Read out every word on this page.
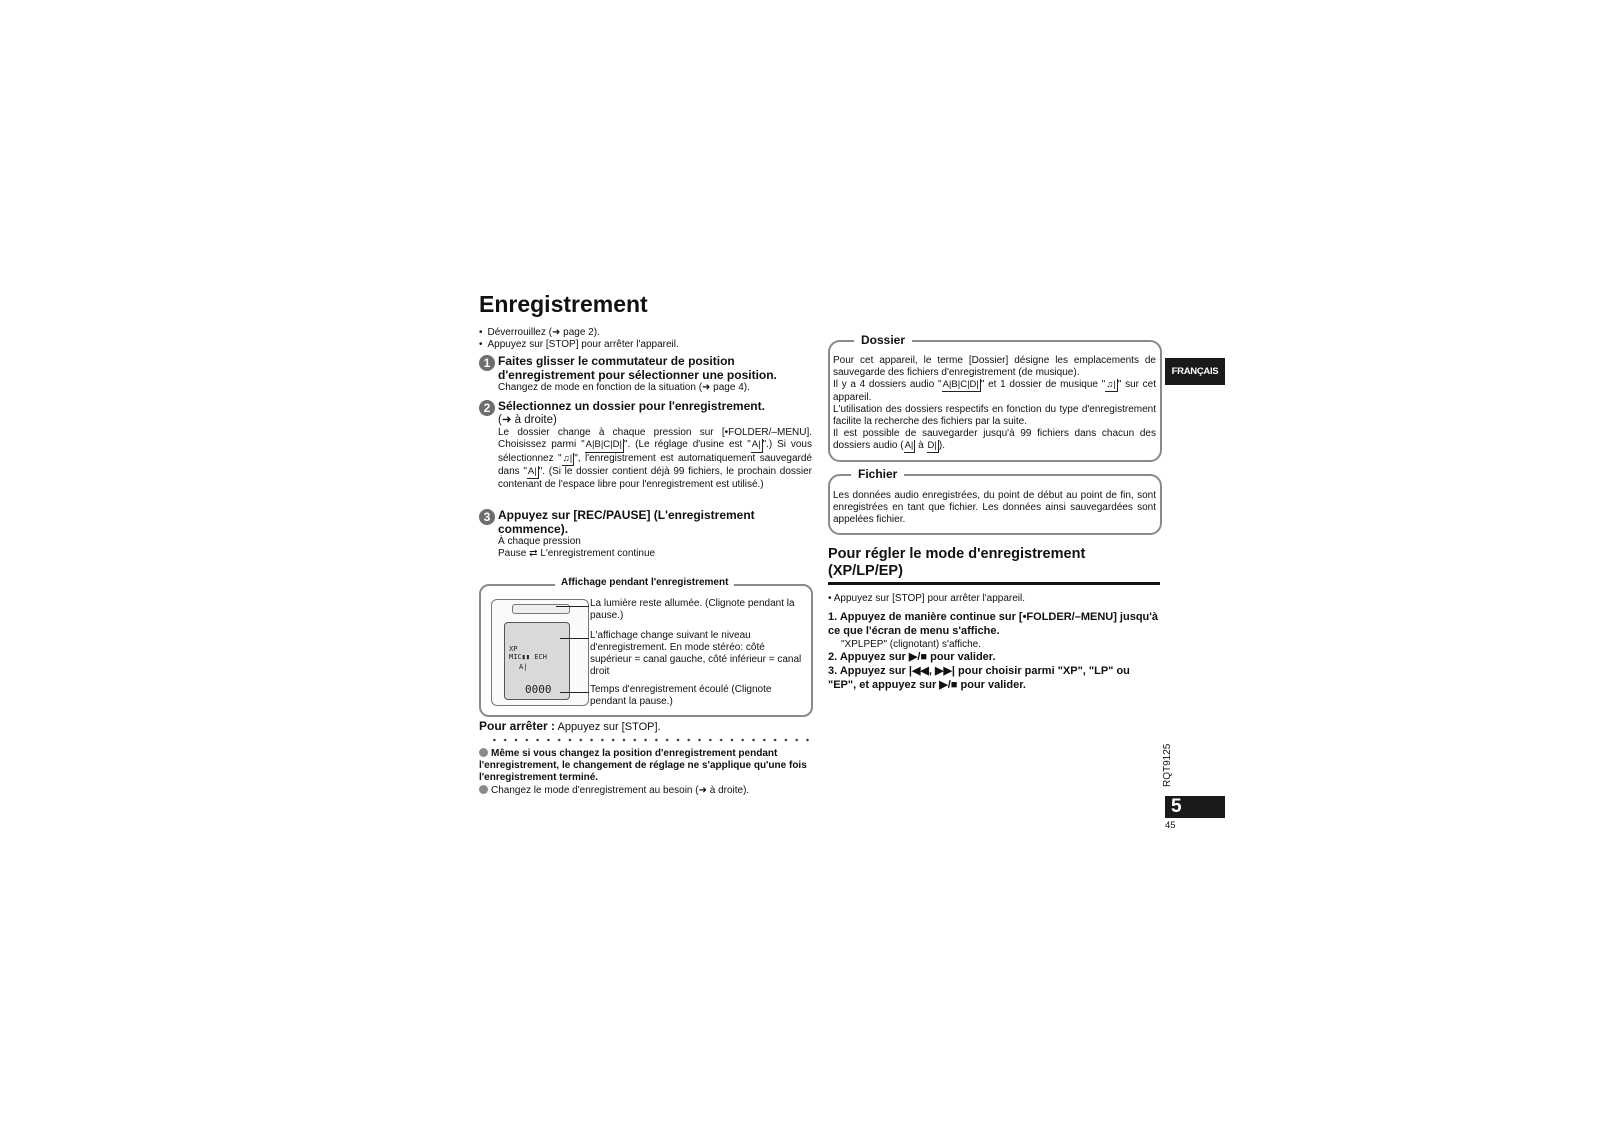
Enregistrement
• Déverrouillez (➜ page 2).
• Appuyez sur [STOP] pour arrêter l'appareil.
1 Faites glisser le commutateur de position d'enregistrement pour sélectionner une position.
Changez de mode en fonction de la situation (➜ page 4).
2 Sélectionnez un dossier pour l'enregistrement.
(➜ à droite)
Le dossier change à chaque pression sur [•FOLDER/–MENU]. Choisissez parmi "A|B|C|D| ". (Le réglage d'usine est "A| ".) Si vous sélectionnez "♫| ", l'enregistrement est automatiquement sauvegardé dans "A| ". (Si le dossier contient déjà 99 fichiers, le prochain dossier contenant de l'espace libre pour l'enregistrement est utilisé.)
3 Appuyez sur [REC/PAUSE] (L'enregistrement commence).
À chaque pression
Pause ⇄ L'enregistrement continue
Affichage pendant l'enregistrement
XP
MIC▮▮ ECH
A|
0000
La lumière reste allumée. (Clignote pendant la pause.)
L'affichage change suivant le niveau d'enregistrement. En mode stéréo: côté supérieur = canal gauche, côté inférieur = canal droit
Temps d'enregistrement écoulé (Clignote pendant la pause.)
Pour arrêter : Appuyez sur [STOP].
Même si vous changez la position d'enregistrement pendant l'enregistrement, le changement de réglage ne s'applique qu'une fois l'enregistrement terminé.
Changez le mode d'enregistrement au besoin (➜ à droite).
Dossier
Pour cet appareil, le terme [Dossier] désigne les emplacements de sauvegarde des fichiers d'enregistrement (de musique).
Il y a 4 dossiers audio "A|B|C|D| " et 1 dossier de musique "♫| " sur cet appareil.
L'utilisation des dossiers respectifs en fonction du type d'enregistrement facilite la recherche des fichiers par la suite.
Il est possible de sauvegarder jusqu'à 99 fichiers dans chacun des dossiers audio (A| à D| ).
Fichier
Les données audio enregistrées, du point de début au point de fin, sont enregistrées en tant que fichier. Les données ainsi sauvegardées sont appelées fichier.
Pour régler le mode d'enregistrement (XP/LP/EP)
• Appuyez sur [STOP] pour arrêter l'appareil.
1. Appuyez de manière continue sur [•FOLDER/–MENU] jusqu'à ce que l'écran de menu s'affiche.
"XPLPEP" (clignotant) s'affiche.
2. Appuyez sur ▶/■ pour valider.
3. Appuyez sur |◀◀, ▶▶| pour choisir parmi "XP", "LP" ou "EP", et appuyez sur ▶/■ pour valider.
FRANÇAIS
RQT9125
5
45
